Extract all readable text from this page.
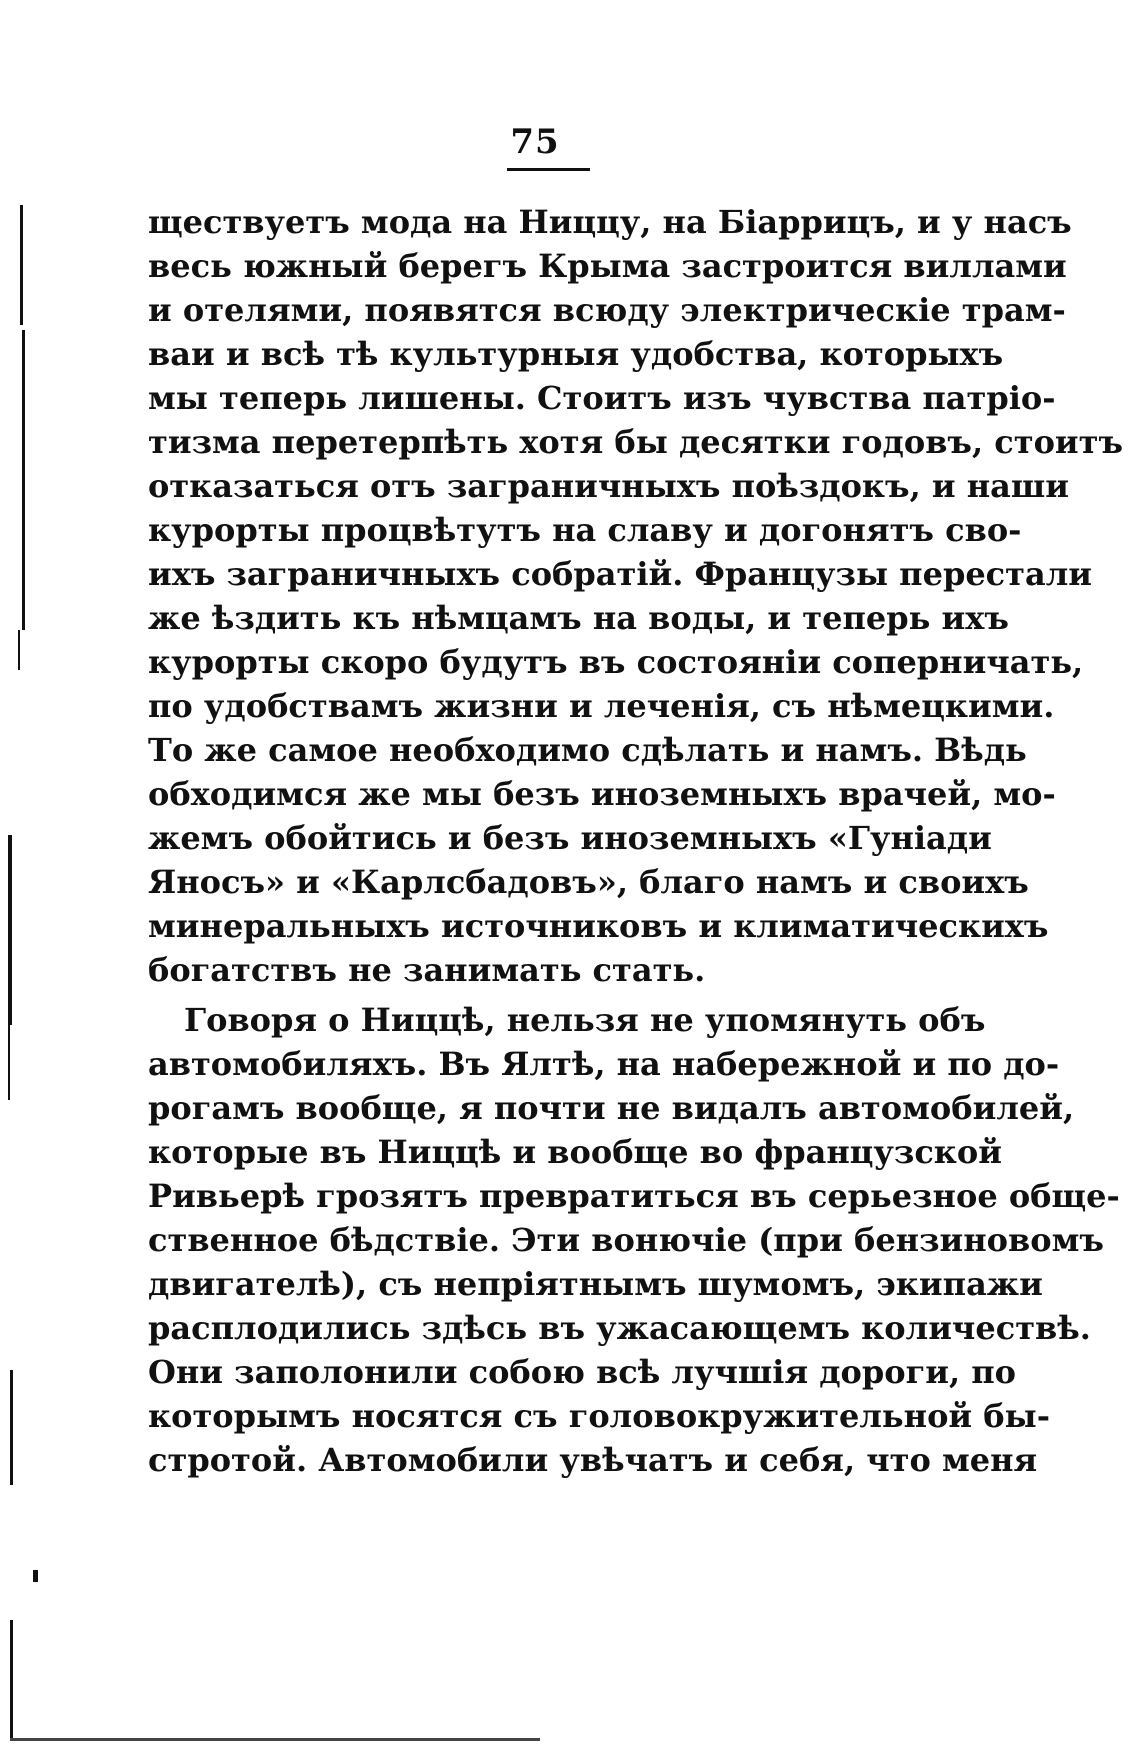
75
ществуетъ мода на Ниццу, на Біаррицъ, и у насъ
весь южный берегъ Крыма застроится виллами
и отелями, появятся всюду электрическіе трам-
ваи и всѣ тѣ культурныя удобства, которыхъ
мы теперь лишены. Стоитъ изъ чувства патріо-
тизма перетерпѣть хотя бы десятки годовъ, стоитъ
отказаться отъ заграничныхъ поѣздокъ, и наши
курорты процвѣтутъ на славу и догонятъ сво-
ихъ заграничныхъ собратій. Французы перестали
же ѣздить къ нѣмцамъ на воды, и теперь ихъ
курорты скоро будутъ въ состояніи соперничать,
по удобствамъ жизни и леченія, съ нѣмецкими.
То же самое необходимо сдѣлать и намъ. Вѣдь
обходимся же мы безъ иноземныхъ врачей, мо-
жемъ обойтись и безъ иноземныхъ «Гуніади
Яносъ» и «Карлсбадовъ», благо намъ и своихъ
минеральныхъ источниковъ и климатическихъ
богатствъ не занимать стать.
Говоря о Ниццѣ, нельзя не упомянуть объ
автомобиляхъ. Въ Ялтѣ, на набережной и по до-
рогамъ вообще, я почти не видалъ автомобилей,
которые въ Ниццѣ и вообще во французской
Ривьерѣ грозятъ превратиться въ серьезное обще-
ственное бѣдствіе. Эти вонючіе (при бензиновомъ
двигателѣ), съ непріятнымъ шумомъ, экипажи
расплодились здѣсь въ ужасающемъ количествѣ.
Они заполонили собою всѣ лучшія дороги, по
которымъ носятся съ головокружительной бы-
стротой. Автомобили увѣчатъ и себя, что меня
